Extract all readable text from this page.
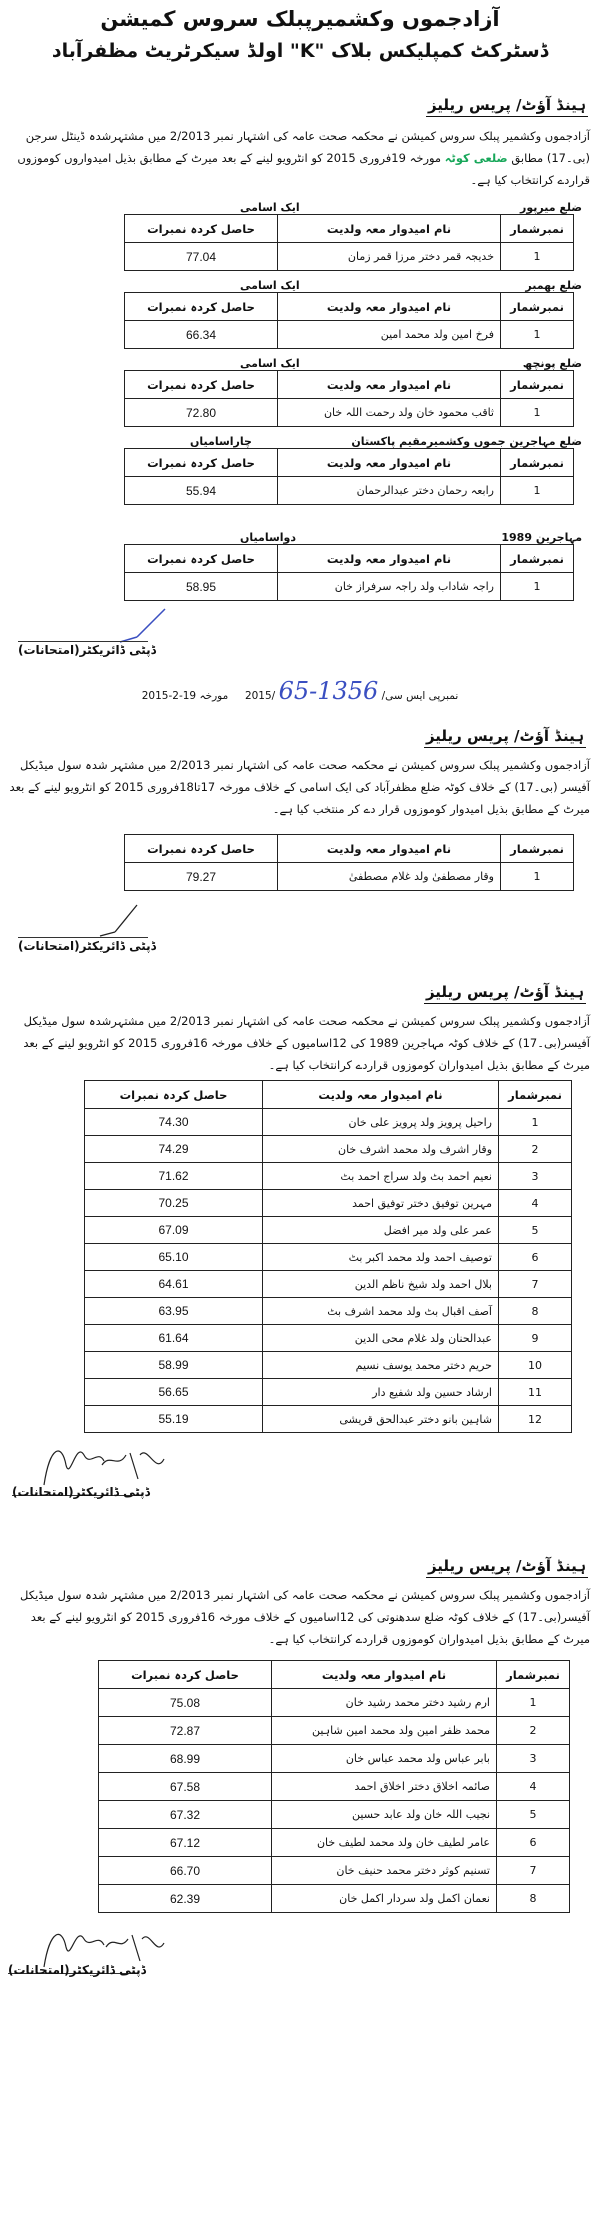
آزادجموں وکشمیرپبلک سروس کمیشن
ڈسٹرکٹ کمپلیکس بلاک "K" اولڈ سیکرٹریٹ مظفرآباد
ہینڈ آؤٹ/ پریس ریلیز
آزادجموں وکشمیر پبلک سروس کمیشن نے محکمہ صحت عامہ کی اشتہار نمبر 2/2013 میں مشتہرشدہ ڈینٹل سرجن (بی۔17) مطابق ضلعی کوٹہ مورخہ 19فروری 2015 کو انٹرویو لینے کے بعد میرٹ کے مطابق بذیل امیدواروں کوموزوں قراردے کرانتخاب کیا ہے۔
ضلع میرپور
ایک اسامی
نمبرشمار	نام امیدوار معہ ولدیت	حاصل کردہ نمبرات
1	خدیجہ قمر دختر مرزا قمر زمان	77.04
ضلع بھمبر
ایک اسامی
نمبرشمار	نام امیدوار معہ ولدیت	حاصل کردہ نمبرات
1	فرخ امین ولد محمد امین	66.34
ضلع پونچھ
ایک اسامی
نمبرشمار	نام امیدوار معہ ولدیت	حاصل کردہ نمبرات
1	ثاقب محمود خان ولد رحمت اللہ خان	72.80
ضلع مہاجرین جموں وکشمیرمقیم پاکستان
چاراسامیاں
نمبرشمار	نام امیدوار معہ ولدیت	حاصل کردہ نمبرات
1	رابعہ رحمان دختر عبدالرحمان	55.94
مہاجرین 1989
دواسامیاں
نمبرشمار	نام امیدوار معہ ولدیت	حاصل کردہ نمبرات
1	راجہ شاداب ولد راجہ سرفراز خان	58.95
ڈپٹی ڈائریکٹر(امتحانات)
نمبرپی ایس سی/ 1356-65 /2015     مورخہ 19-2-2015
ہینڈ آؤٹ/ پریس ریلیز
آزادجموں وکشمیر پبلک سروس کمیشن نے محکمہ صحت عامہ کی اشتہار نمبر 2/2013 میں مشتہر شدہ سول میڈیکل آفیسر (بی۔17) کے خلاف کوٹہ ضلع مظفرآباد کی ایک اسامی کے خلاف مورخہ 17تا18فروری 2015 کو انٹرویو لینے کے بعد میرٹ کے مطابق بذیل امیدوار کوموزوں قرار دے کر منتخب کیا ہے۔
نمبرشمار	نام امیدوار معہ ولدیت	حاصل کردہ نمبرات
1	وقار مصطفیٰ ولد غلام مصطفیٰ	79.27
ڈپٹی ڈائریکٹر(امتحانات)
ہینڈ آؤٹ/ پریس ریلیز
آزادجموں وکشمیر پبلک سروس کمیشن نے محکمہ صحت عامہ کی اشتہار نمبر 2/2013 میں مشتہرشدہ سول میڈیکل آفیسر(بی۔17) کے خلاف کوٹہ مہاجرین 1989 کی 12اسامیوں کے خلاف مورخہ 16فروری 2015 کو انٹرویو لینے کے بعد میرٹ کے مطابق بذیل امیدواران کوموزوں قراردے کرانتخاب کیا ہے۔
نمبرشمار	نام امیدوار معہ ولدیت	حاصل کردہ نمبرات
1	راحیل پرویز ولد پرویز علی خان	74.30
2	وقار اشرف ولد محمد اشرف خان	74.29
3	نعیم احمد بٹ ولد سراج احمد بٹ	71.62
4	مہرین توفیق دختر توفیق احمد	70.25
5	عمر علی ولد میر افضل	67.09
6	توصیف احمد ولد محمد اکبر بٹ	65.10
7	بلال احمد ولد شیخ ناظم الدین	64.61
8	آصف اقبال بٹ ولد محمد اشرف بٹ	63.95
9	عبدالحنان ولد غلام محی الدین	61.64
10	حریم دختر محمد یوسف نسیم	58.99
11	ارشاد حسین ولد شفیع دار	56.65
12	شاہین بانو دختر عبدالحق قریشی	55.19
ڈپٹی ڈائریکٹر(امتحانات)
ہینڈ آؤٹ/ پریس ریلیز
آزادجموں وکشمیر پبلک سروس کمیشن نے محکمہ صحت عامہ کی اشتہار نمبر 2/2013 میں مشتہر شدہ سول میڈیکل آفیسر(بی۔17) کے خلاف کوٹہ ضلع سدھنوتی کی 12اسامیوں کے خلاف مورخہ 16فروری 2015 کو انٹرویو لینے کے بعد میرٹ کے مطابق بذیل امیدواران کوموزوں قراردے کرانتخاب کیا ہے۔
نمبرشمار	نام امیدوار معہ ولدیت	حاصل کردہ نمبرات
1	ارم رشید دختر محمد رشید خان	75.08
2	محمد ظفر امین ولد محمد امین شاہین	72.87
3	بابر عباس ولد محمد عباس خان	68.99
4	صائمہ اخلاق دختر اخلاق احمد	67.58
5	نجیب اللہ خان ولد عابد حسین	67.32
6	عامر لطیف خان ولد محمد لطیف خان	67.12
7	تسنیم کوثر دختر محمد حنیف خان	66.70
8	نعمان اکمل ولد سردار اکمل خان	62.39
ڈپٹی ڈائریکٹر(امتحانات)
